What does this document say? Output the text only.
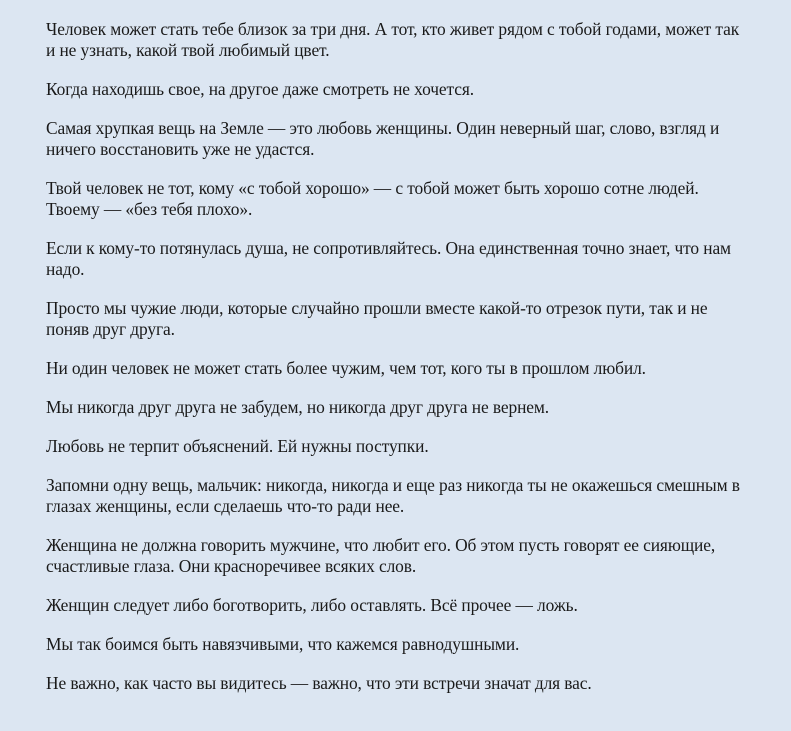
Человек может стать тебе близок за три дня. А тот, кто живет рядом с тобой годами, может так и не узнать, какой твой любимый цвет.

Когда находишь свое, на другое даже смотреть не хочется.

Самая хрупкая вещь на Земле — это любовь женщины. Один неверный шаг, слово, взгляд и ничего восстановить уже не удастся.

Твой человек не тот, кому «с тобой хорошо» — с тобой может быть хорошо сотне людей. Твоему — «без тебя плохо».

Если к кому-то потянулась душа, не сопротивляйтесь. Она единственная точно знает, что нам надо.

Просто мы чужие люди, которые случайно прошли вместе какой-то отрезок пути, так и не поняв друг друга.

Ни один человек не может стать более чужим, чем тот, кого ты в прошлом любил.

Мы никогда друг друга не забудем, но никогда друг друга не вернем.

Любовь не терпит объяснений. Ей нужны поступки.

Запомни одну вещь, мальчик: никогда, никогда и еще раз никогда ты не окажешься смешным в глазах женщины, если сделаешь что-то ради нее.

Женщина не должна говорить мужчине, что любит его. Об этом пусть говорят ее сияющие, счастливые глаза. Они красноречивее всяких слов.

Женщин следует либо боготворить, либо оставлять. Всё прочее — ложь.

Мы так боимся быть навязчивыми, что кажемся равнодушными.

Не важно, как часто вы видитесь — важно, что эти встречи значат для вас.
